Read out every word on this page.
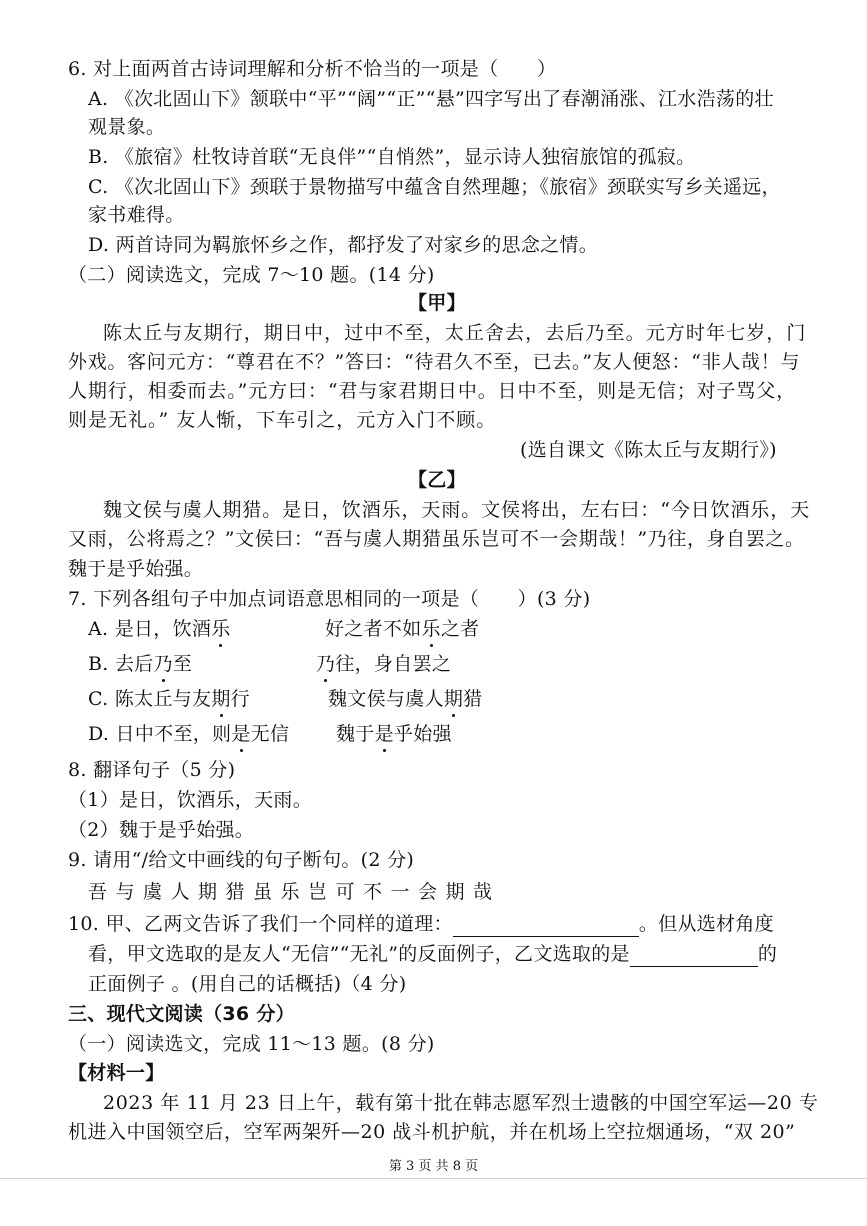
6. 对上面两首古诗词理解和分析不恰当的一项是（　　）
A. 《次北固山下》颔联中“平”“阔”“正”“悬”四字写出了春潮涌涨、江水浩荡的壮
观景象。
B. 《旅宿》杜牧诗首联“无良伴”“自悄然”，显示诗人独宿旅馆的孤寂。
C. 《次北固山下》颈联于景物描写中蕴含自然理趣；《旅宿》颈联实写乡关遥远，
家书难得。
D. 两首诗同为羁旅怀乡之作，都抒发了对家乡的思念之情。
（二）阅读选文，完成 7～10 题。(14 分)
【甲】
陈太丘与友期行，期日中，过中不至，太丘舍去，去后乃至。元方时年七岁，门
外戏。客问元方：“尊君在不？”答曰：“待君久不至，已去。”友人便怒：“非人哉！与
人期行，相委而去。”元方曰：“君与家君期日中。日中不至，则是无信；对子骂父，
则是无礼。” 友人惭，下车引之，元方入门不顾。
(选自课文《陈太丘与友期行》)
【乙】
魏文侯与虞人期猎。是日，饮酒乐，天雨。文侯将出，左右曰：“今日饮酒乐，天
又雨，公将焉之？”文侯曰：“吾与虞人期猎虽乐岂可不一会期哉！”乃往，身自罢之。
魏于是乎始强。
7. 下列各组句子中加点词语意思相同的一项是（　　）(3 分)
A. 是日，饮酒乐	好之者不如乐之者
B. 去后乃至	乃往，身自罢之
C. 陈太丘与友期行	魏文侯与虞人期猎
D. 日中不至，则是无信 魏于是乎始强
8. 翻译句子（5 分)
（1）是日，饮酒乐，天雨。
（2）魏于是乎始强。
9. 请用“/给文中画线的句子断句。(2 分)
吾与虞人期猎虽乐岂可不一会期哉
10. 甲、乙两文告诉了我们一个同样的道理：	。但从选材角度
看，甲文选取的是友人“无信”“无礼”的反面例子，乙文选取的是	的
正面例子 。(用自己的话概括)（4 分)
三、现代文阅读（36 分）
（一）阅读选文，完成 11～13 题。(8 分)
【材料一】
2023 年 11 月 23 日上午，载有第十批在韩志愿军烈士遗骸的中国空军运—20 专
机进入中国领空后，空军两架歼—20 战斗机护航，并在机场上空拉烟通场，“双 20”
第 3 页 共 8 页
